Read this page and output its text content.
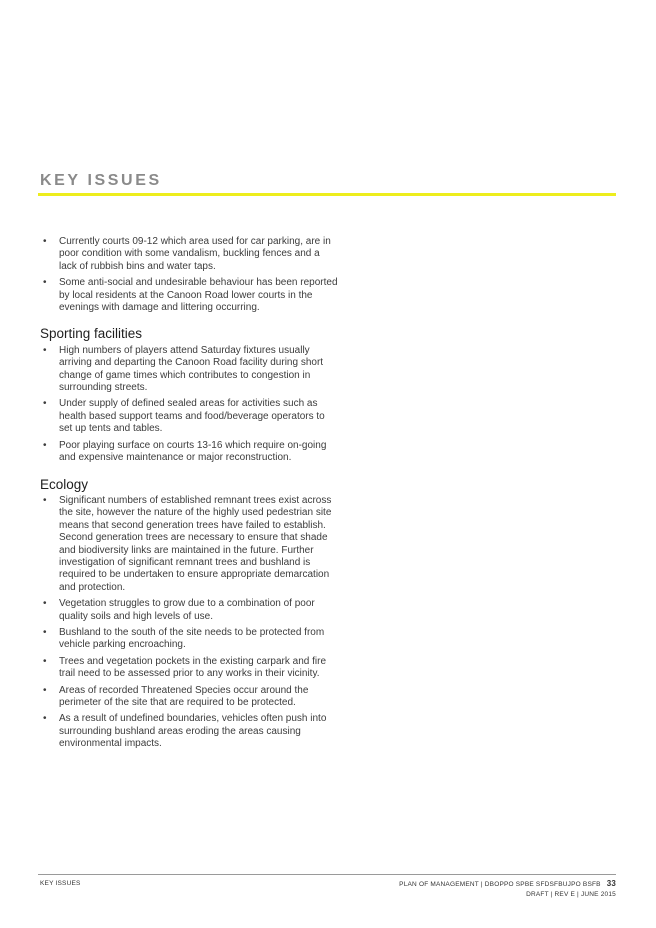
KEY ISSUES
• Currently courts 09-12 which area used for car parking, are in poor condition with some vandalism, buckling fences and a lack of rubbish bins and water taps.
• Some anti-social and undesirable behaviour has been reported by local residents at the Canoon Road lower courts in the evenings with damage and littering occurring.
Sporting facilities
• High numbers of players attend Saturday fixtures usually arriving and departing the Canoon Road facility during short change of game times which contributes to congestion in surrounding streets.
• Under supply of defined sealed areas for activities such as health based support teams and food/beverage operators to set up tents and tables.
• Poor playing surface on courts 13-16 which require on-going and expensive maintenance or major reconstruction.
Ecology
• Significant numbers of established remnant trees exist across the site, however the nature of the highly used pedestrian site means that second generation trees have failed to establish. Second generation trees are necessary to ensure that shade and biodiversity links are maintained in the future. Further investigation of significant remnant trees and bushland is required to be undertaken to ensure appropriate demarcation and protection.
• Vegetation struggles to grow due to a combination of poor quality soils and high levels of use.
• Bushland to the south of the site needs to be protected from vehicle parking encroaching.
• Trees and vegetation pockets in the existing carpark and fire trail need to be assessed prior to any works in their vicinity.
• Areas of recorded Threatened Species occur around the perimeter of the site that are required to be protected.
• As a result of undefined boundaries, vehicles often push into surrounding bushland areas eroding the areas causing environmental impacts.
KEY ISSUES	PLAN OF MANAGEMENT | DBOPPO SPBE SFDSFBUJPO BSFB 33
DRAFT | REV E | JUNE 2015
